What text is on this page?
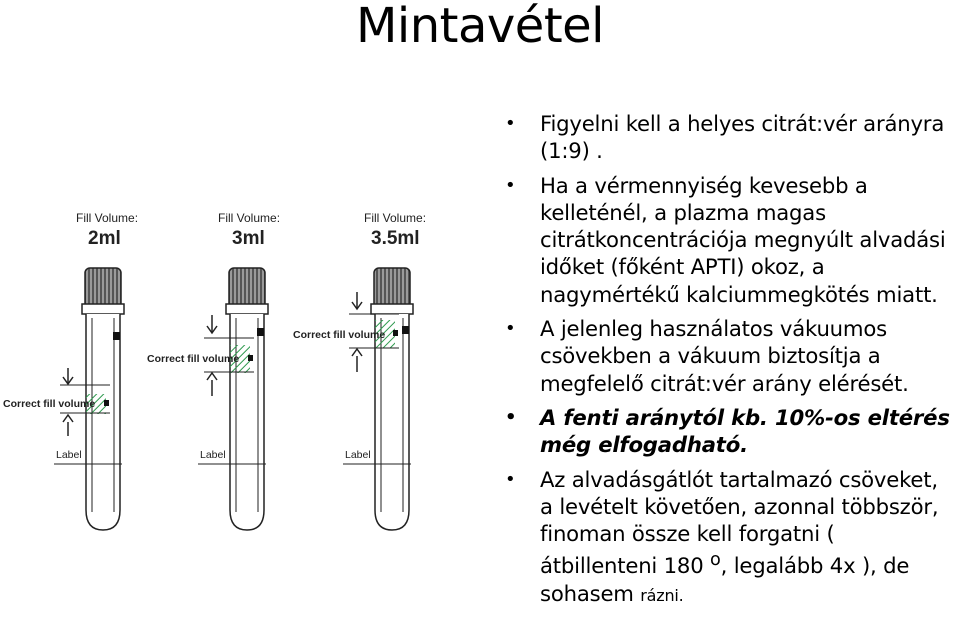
Mintavétel
Fill Volume:
2ml
Correct fill volume
Label
Fill Volume:
3ml
Correct fill volume
Label
Fill Volume:
3.5ml
Correct fill volume
Label
• Figyelni kell a helyes citrát:vér arányra (1:9) .
• Ha a vérmennyiség kevesebb a kelleténél, a plazma magas citrátkoncentrációja megnyúlt alvadási időket (főként APTI) okoz, a nagymértékű kalciummegkötés miatt.
• A jelenleg használatos vákuumos csövekben a vákuum biztosítja a megfelelő citrát:vér arány elérését.
• A fenti aránytól kb. 10%-os eltérés még elfogadható.
• Az alvadásgátlót tartalmazó csöveket, a levételt követően, azonnal többször, finoman össze kell forgatni ( átbillenteni 180 $^o$, legalább 4x ), de sohasem rázni.
